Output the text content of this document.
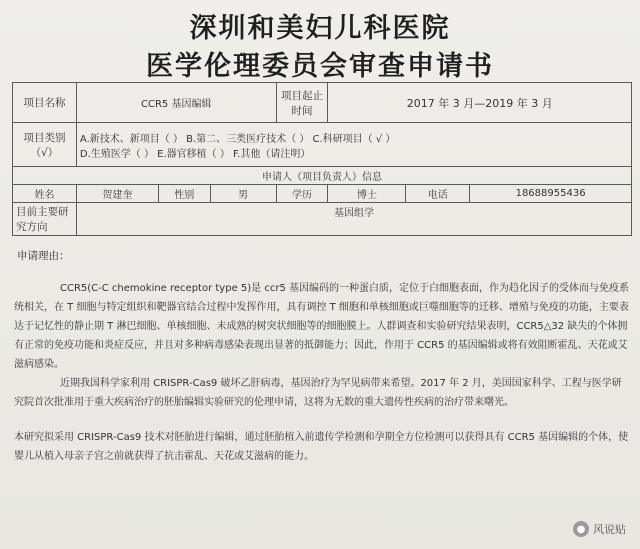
深圳和美妇儿科医院
医学伦理委员会审查申请书
项目名称	CCR5 基因编辑			项目起止时间	2017 年 3 月—2019 年 3 月		
项目类别（√）	A.新技术、新项目（ ） B.第二、三类医疗技术（ ） C.科研项目（ √ ）
D.生殖医学（ ） E.器官移植（ ） F.其他（请注明）						

申请人（项目负责人）信息							
姓名	贺建奎	性别	男	学历	博士	电话	18688955436
目前主要研究方向	基因组学						
申请理由：

CCR5(C-C chemokine receptor type 5)是 ccr5 基因编码的一种蛋白质，定位于白细胞表面，作为趋化因子的受体而与免疫系统相关，在 T 细胞与特定组织和靶器官结合过程中发挥作用，具有调控 T 细胞和单核细胞或巨噬细胞等的迁移、增殖与免疫的功能，主要表达于记忆性的静止期 T 淋巴细胞、单核细胞、未成熟的树突状细胞等的细胞膜上。人群调查和实验研究结果表明，CCR5△32 缺失的个体拥有正常的免疫功能和炎症反应，并且对多种病毒感染表现出显著的抵御能力；因此，作用于 CCR5 的基因编辑或将有效阻断霍乱、天花或艾滋病感染。

近期我国科学家利用 CRISPR-Cas9 破坏乙肝病毒，基因治疗为罕见病带来希望。2017 年 2 月，美国国家科学、工程与医学研究院首次批准用于重大疾病治疗的胚胎编辑实验研究的伦理申请，这将为无数的重大遗传性疾病的治疗带来曙光。

本研究拟采用 CRISPR-Cas9 技术对胚胎进行编辑，通过胚胎植入前遗传学检测和孕期全方位检测可以获得具有 CCR5 基因编辑的个体，使婴儿从植入母亲子宫之前就获得了抗击霍乱、天花或艾滋病的能力。

● 风说贴
